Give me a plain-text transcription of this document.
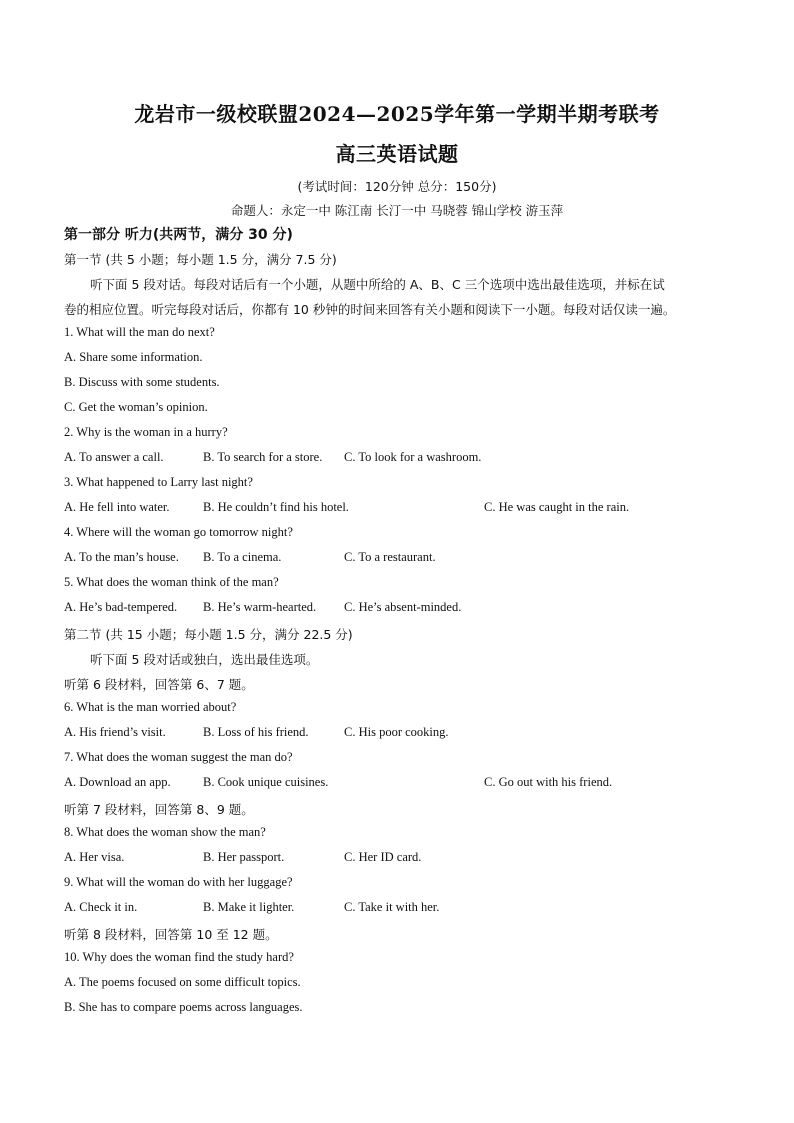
龙岩市一级校联盟2024—2025学年第一学期半期考联考
高三英语试题
(考试时间：120分钟 总分：150分)
命题人：永定一中 陈江南 长汀一中 马晓蓉 锦山学校 游玉萍
第一部分 听力(共两节，满分 30 分)
第一节 (共 5 小题；每小题 1.5 分，满分 7.5 分)
听下面 5 段对话。每段对话后有一个小题，从题中所给的 A、B、C 三个选项中选出最佳选项，并标在试
卷的相应位置。听完每段对话后，你都有 10 秒钟的时间来回答有关小题和阅读下一小题。每段对话仅读一遍。
1. What will the man do next?
A. Share some information.
B. Discuss with some students.
C. Get the woman’s opinion.
2. Why is the woman in a hurry?
A. To answer a call.	B. To search for a store. C. To look for a washroom.
3. What happened to Larry last night?
A. He fell into water.	B. He couldn’t find his hotel.	C. He was caught in the rain.
4. Where will the woman go tomorrow night?
A. To the man’s house. B. To a cinema.	C. To a restaurant.
5. What does the woman think of the man?
A. He’s bad-tempered. B. He’s warm-hearted. C. He’s absent-minded.
第二节 (共 15 小题；每小题 1.5 分，满分 22.5 分)
听下面 5 段对话或独白，选出最佳选项。
听第 6 段材料，回答第 6、7 题。
6. What is the man worried about?
A. His friend’s visit.	B. Loss of his friend.	C. His poor cooking.
7. What does the woman suggest the man do?
A. Download an app.	B. Cook unique cuisines.	C. Go out with his friend.
听第 7 段材料，回答第 8、9 题。
8. What does the woman show the man?
A. Her visa.	B. Her passport.	C. Her ID card.
9. What will the woman do with her luggage?
A. Check it in.	B. Make it lighter.	C. Take it with her.
听第 8 段材料，回答第 10 至 12 题。
10. Why does the woman find the study hard?
A. The poems focused on some difficult topics.
B. She has to compare poems across languages.
